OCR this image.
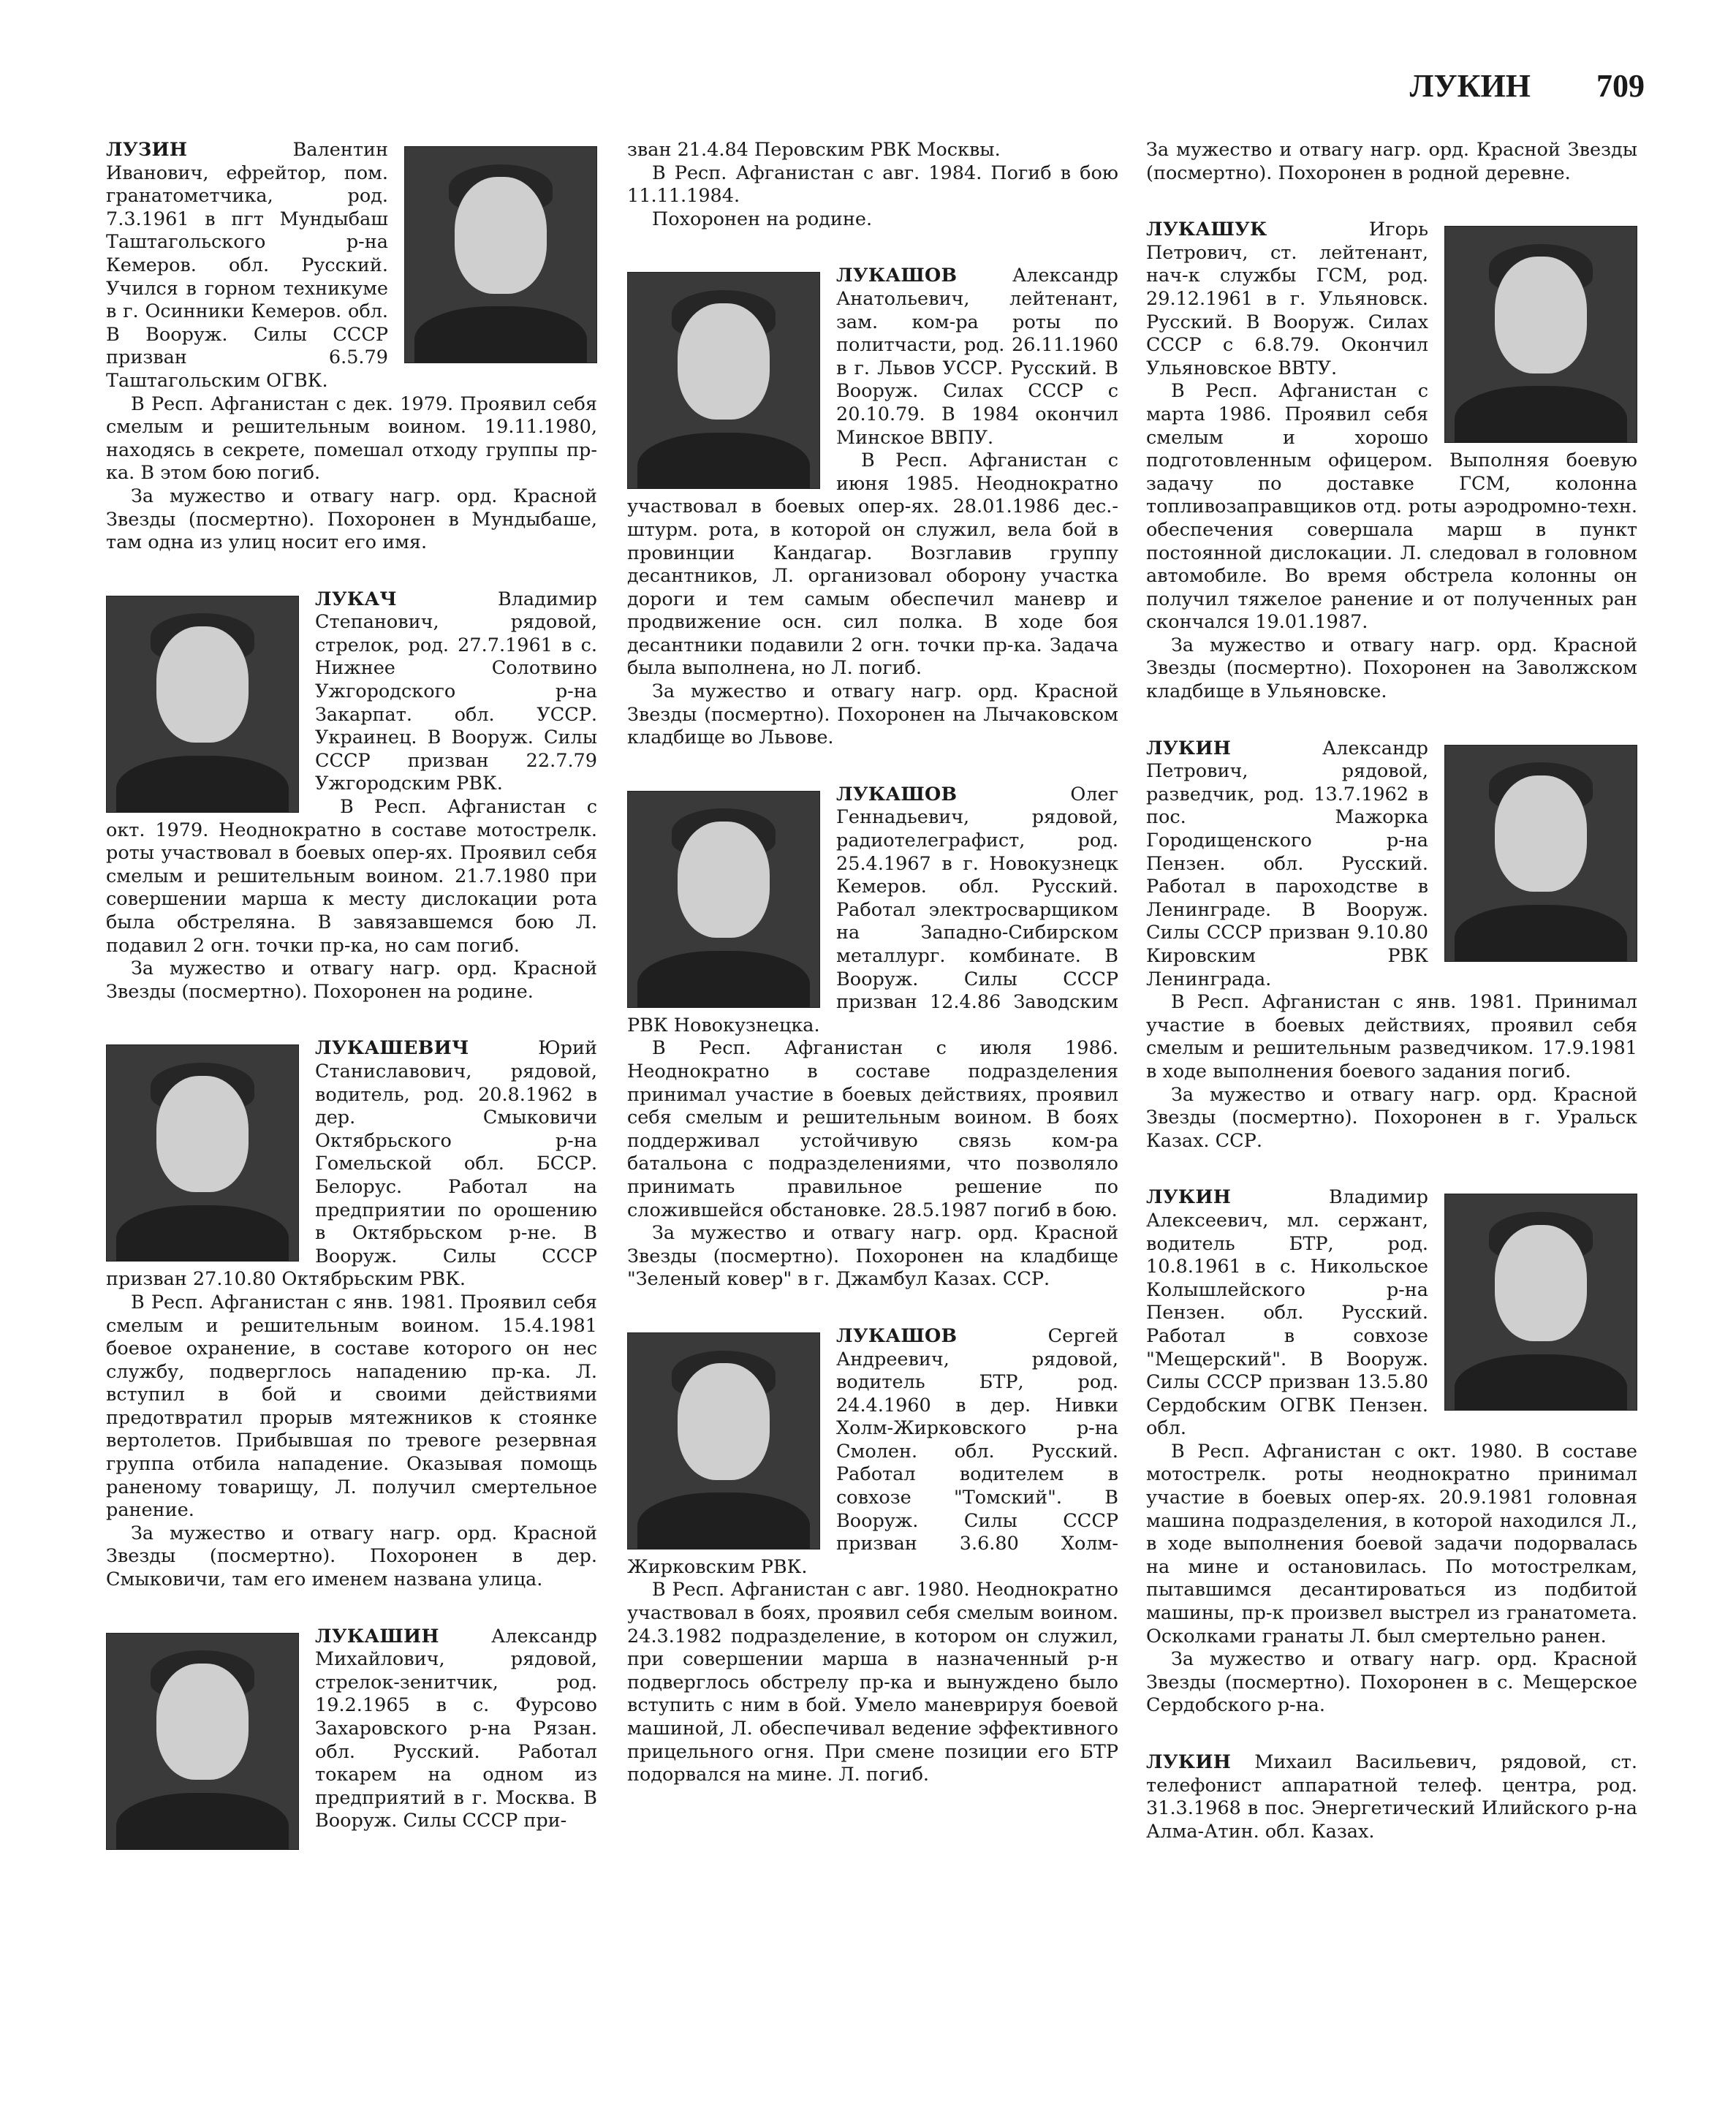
ЛУКИН 709

ЛУЗИН Валентин Иванович, ефрейтор, пом. гранатометчика, род. 7.3.1961 в пгт Мундыбаш Таштагольского р-на Кемеров. обл. Русский. Учился в горном техникуме в г. Осинники Кемеров. обл. В Вооруж. Силы СССР призван 6.5.79 Таштагольским ОГВК.

В Респ. Афганистан с дек. 1979. Проявил себя смелым и решительным воином. 19.11.1980, находясь в секрете, помешал отходу группы пр-ка. В этом бою погиб.

За мужество и отвагу нагр. орд. Красной Звезды (посмертно). Похоронен в Мундыбаше, там одна из улиц носит его имя.

ЛУКАЧ Владимир Степанович, рядовой, стрелок, род. 27.7.1961 в с. Нижнее Солотвино Ужгородского р-на Закарпат. обл. УССР. Украинец. В Вооруж. Силы СССР призван 22.7.79 Ужгородским РВК.

В Респ. Афганистан с окт. 1979. Неоднократно в составе мотострелк. роты участвовал в боевых опер-ях. Проявил себя смелым и решительным воином. 21.7.1980 при совершении марша к месту дислокации рота была обстреляна. В завязавшемся бою Л. подавил 2 огн. точки пр-ка, но сам погиб.

За мужество и отвагу нагр. орд. Красной Звезды (посмертно). Похоронен на родине.

ЛУКАШЕВИЧ Юрий Станиславович, рядовой, водитель, род. 20.8.1962 в дер. Смыковичи Октябрьского р-на Гомельской обл. БССР. Белорус. Работал на предприятии по орошению в Октябрьском р-не. В Вооруж. Силы СССР призван 27.10.80 Октябрьским РВК.

В Респ. Афганистан с янв. 1981. Проявил себя смелым и решительным воином. 15.4.1981 боевое охранение, в составе которого он нес службу, подверглось нападению пр-ка. Л. вступил в бой и своими действиями предотвратил прорыв мятежников к стоянке вертолетов. Прибывшая по тревоге резервная группа отбила нападение. Оказывая помощь раненому товарищу, Л. получил смертельное ранение.

За мужество и отвагу нагр. орд. Красной Звезды (посмертно). Похоронен в дер. Смыковичи, там его именем названа улица.

ЛУКАШИН Александр Михайлович, рядовой, стрелок-зенитчик, род. 19.2.1965 в с. Фурсово Захаровского р-на Рязан. обл. Русский. Работал токарем на одном из предприятий в г. Москва. В Вооруж. Силы СССР при-

зван 21.4.84 Перовским РВК Москвы.

В Респ. Афганистан с авг. 1984. Погиб в бою 11.11.1984.

Похоронен на родине.

ЛУКАШОВ Александр Анатольевич, лейтенант, зам. ком-ра роты по политчасти, род. 26.11.1960 в г. Львов УССР. Русский. В Вооруж. Силах СССР с 20.10.79. В 1984 окончил Минское ВВПУ.

В Респ. Афганистан с июня 1985. Неоднократно участвовал в боевых опер-ях. 28.01.1986 дес.-штурм. рота, в которой он служил, вела бой в провинции Кандагар. Возглавив группу десантников, Л. организовал оборону участка дороги и тем самым обеспечил маневр и продвижение осн. сил полка. В ходе боя десантники подавили 2 огн. точки пр-ка. Задача была выполнена, но Л. погиб.

За мужество и отвагу нагр. орд. Красной Звезды (посмертно). Похоронен на Лычаковском кладбище во Львове.

ЛУКАШОВ Олег Геннадьевич, рядовой, радиотелеграфист, род. 25.4.1967 в г. Новокузнецк Кемеров. обл. Русский. Работал электросварщиком на Западно-Сибирском металлург. комбинате. В Вооруж. Силы СССР призван 12.4.86 Заводским РВК Новокузнецка.

В Респ. Афганистан с июля 1986. Неоднократно в составе подразделения принимал участие в боевых действиях, проявил себя смелым и решительным воином. В боях поддерживал устойчивую связь ком-ра батальона с подразделениями, что позволяло принимать правильное решение по сложившейся обстановке. 28.5.1987 погиб в бою.

За мужество и отвагу нагр. орд. Красной Звезды (посмертно). Похоронен на кладбище "Зеленый ковер" в г. Джамбул Казах. ССР.

ЛУКАШОВ Сергей Андреевич, рядовой, водитель БТР, род. 24.4.1960 в дер. Нивки Холм-Жирковского р-на Смолен. обл. Русский. Работал водителем в совхозе "Томский". В Вооруж. Силы СССР призван 3.6.80 Холм-Жирковским РВК.

В Респ. Афганистан с авг. 1980. Неоднократно участвовал в боях, проявил себя смелым воином. 24.3.1982 подразделение, в котором он служил, при совершении марша в назначенный р-н подверглось обстрелу пр-ка и вынуждено было вступить с ним в бой. Умело маневрируя боевой машиной, Л. обеспечивал ведение эффективного прицельного огня. При смене позиции его БТР подорвался на мине. Л. погиб.

За мужество и отвагу нагр. орд. Красной Звезды (посмертно). Похоронен в родной деревне.

ЛУКАШУК Игорь Петрович, ст. лейтенант, нач-к службы ГСМ, род. 29.12.1961 в г. Ульяновск. Русский. В Вооруж. Силах СССР с 6.8.79. Окончил Ульяновское ВВТУ.

В Респ. Афганистан с марта 1986. Проявил себя смелым и хорошо подготовленным офицером. Выполняя боевую задачу по доставке ГСМ, колонна топливозаправщиков отд. роты аэродромно-техн. обеспечения совершала марш в пункт постоянной дислокации. Л. следовал в головном автомобиле. Во время обстрела колонны он получил тяжелое ранение и от полученных ран скончался 19.01.1987.

За мужество и отвагу нагр. орд. Красной Звезды (посмертно). Похоронен на Заволжском кладбище в Ульяновске.

ЛУКИН Александр Петрович, рядовой, разведчик, род. 13.7.1962 в пос. Мажорка Городищенского р-на Пензен. обл. Русский. Работал в пароходстве в Ленинграде. В Вооруж. Силы СССР призван 9.10.80 Кировским РВК Ленинграда.

В Респ. Афганистан с янв. 1981. Принимал участие в боевых действиях, проявил себя смелым и решительным разведчиком. 17.9.1981 в ходе выполнения боевого задания погиб.

За мужество и отвагу нагр. орд. Красной Звезды (посмертно). Похоронен в г. Уральск Казах. ССР.

ЛУКИН Владимир Алексеевич, мл. сержант, водитель БТР, род. 10.8.1961 в с. Никольское Колышлейского р-на Пензен. обл. Русский. Работал в совхозе "Мещерский". В Вооруж. Силы СССР призван 13.5.80 Сердобским ОГВК Пензен. обл.

В Респ. Афганистан с окт. 1980. В составе мотострелк. роты неоднократно принимал участие в боевых опер-ях. 20.9.1981 головная машина подразделения, в которой находился Л., в ходе выполнения боевой задачи подорвалась на мине и остановилась. По мотострелкам, пытавшимся десантироваться из подбитой машины, пр-к произвел выстрел из гранатомета. Осколками гранаты Л. был смертельно ранен.

За мужество и отвагу нагр. орд. Красной Звезды (посмертно). Похоронен в с. Мещерское Сердобского р-на.

ЛУКИН Михаил Васильевич, рядовой, ст. телефонист аппаратной телеф. центра, род. 31.3.1968 в пос. Энергетический Илийского р-на Алма-Атин. обл. Казах.
